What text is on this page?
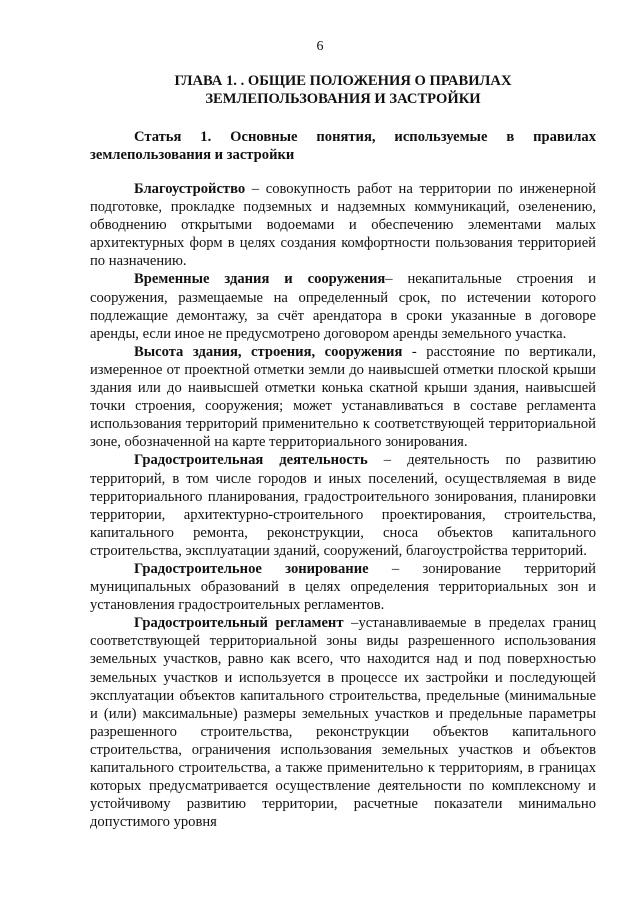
6
ГЛАВА 1. . ОБЩИЕ ПОЛОЖЕНИЯ О ПРАВИЛАХ ЗЕМЛЕПОЛЬЗОВАНИЯ И ЗАСТРОЙКИ
Статья 1. Основные понятия, используемые в правилах землепользования и застройки

Благоустройство – совокупность работ на территории по инженерной подготовке, прокладке подземных и надземных коммуникаций, озеленению, обводнению открытыми водоемами и обеспечению элементами малых архитектурных форм в целях создания комфортности пользования территорией по назначению.

Временные здания и сооружения– некапитальные строения и сооружения, размещаемые на определенный срок, по истечении которого подлежащие демонтажу, за счёт арендатора в сроки указанные в договоре аренды, если иное не предусмотрено договором аренды земельного участка.

Высота здания, строения, сооружения - расстояние по вертикали, измеренное от проектной отметки земли до наивысшей отметки плоской крыши здания или до наивысшей отметки конька скатной крыши здания, наивысшей точки строения, сооружения; может устанавливаться в составе регламента использования территорий применительно к соответствующей территориальной зоне, обозначенной на карте территориального зонирования.

Градостроительная деятельность – деятельность по развитию территорий, в том числе городов и иных поселений, осуществляемая в виде территориального планирования, градостроительного зонирования, планировки территории, архитектурно-строительного проектирования, строительства, капитального ремонта, реконструкции, сноса объектов капитального строительства, эксплуатации зданий, сооружений, благоустройства территорий.

Градостроительное зонирование – зонирование территорий муниципальных образований в целях определения территориальных зон и установления градостроительных регламентов.

Градостроительный регламент –устанавливаемые в пределах границ соответствующей территориальной зоны виды разрешенного использования земельных участков, равно как всего, что находится над и под поверхностью земельных участков и используется в процессе их застройки и последующей эксплуатации объектов капитального строительства, предельные (минимальные и (или) максимальные) размеры земельных участков и предельные параметры разрешенного строительства, реконструкции объектов капитального строительства, ограничения использования земельных участков и объектов капитального строительства, а также применительно к территориям, в границах которых предусматривается осуществление деятельности по комплексному и устойчивому развитию территории, расчетные показатели минимально допустимого уровня
